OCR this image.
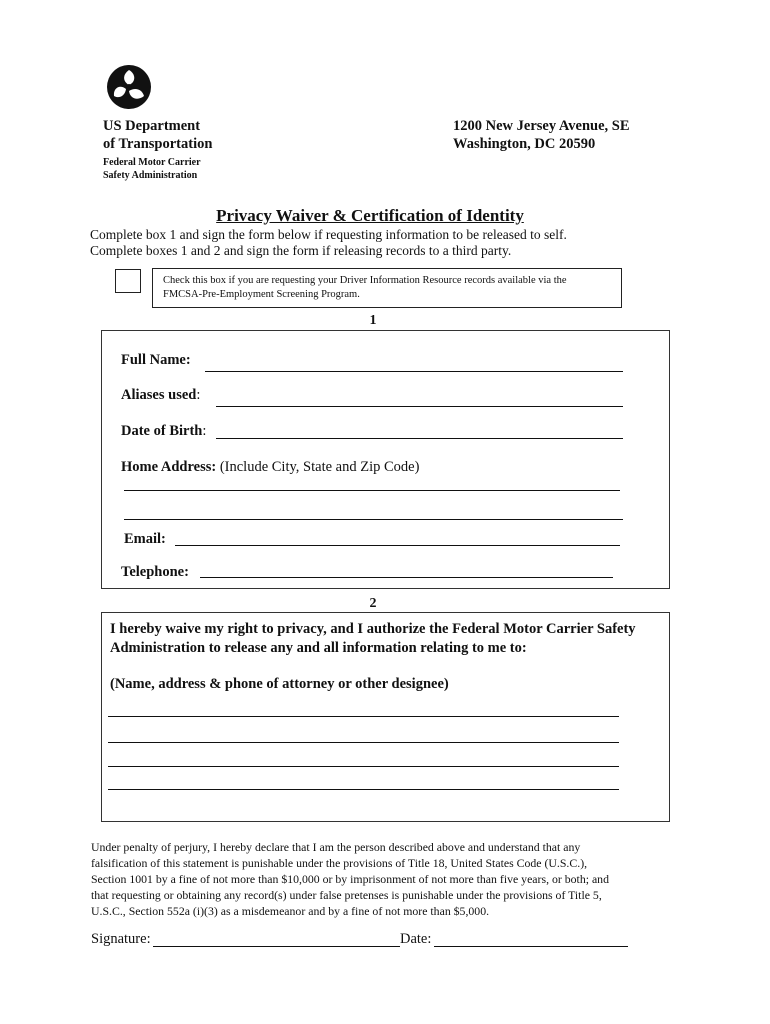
US Department
of Transportation
Federal Motor Carrier
Safety Administration
1200 New Jersey Avenue, SE
Washington, DC 20590
Privacy Waiver & Certification of Identity
Complete box 1 and sign the form below if requesting information to be released to self.
Complete boxes 1 and 2 and sign the form if releasing records to a third party.
Check this box if you are requesting your Driver Information Resource records available via the
FMCSA-Pre-Employment Screening Program.
1
Full Name:
Aliases used:
Date of Birth:
Home Address: (Include City, State and Zip Code)
Email:
Telephone:
2
I hereby waive my right to privacy, and I authorize the Federal Motor Carrier Safety
Administration to release any and all information relating to me to:
(Name, address & phone of attorney or other designee)
Under penalty of perjury, I hereby declare that I am the person described above and understand that any
falsification of this statement is punishable under the provisions of Title 18, United States Code (U.S.C.),
Section 1001 by a fine of not more than $10,000 or by imprisonment of not more than five years, or both; and
that requesting or obtaining any record(s) under false pretenses is punishable under the provisions of Title 5,
U.S.C., Section 552a (i)(3) as a misdemeanor and by a fine of not more than $5,000.
Signature:	Date:
